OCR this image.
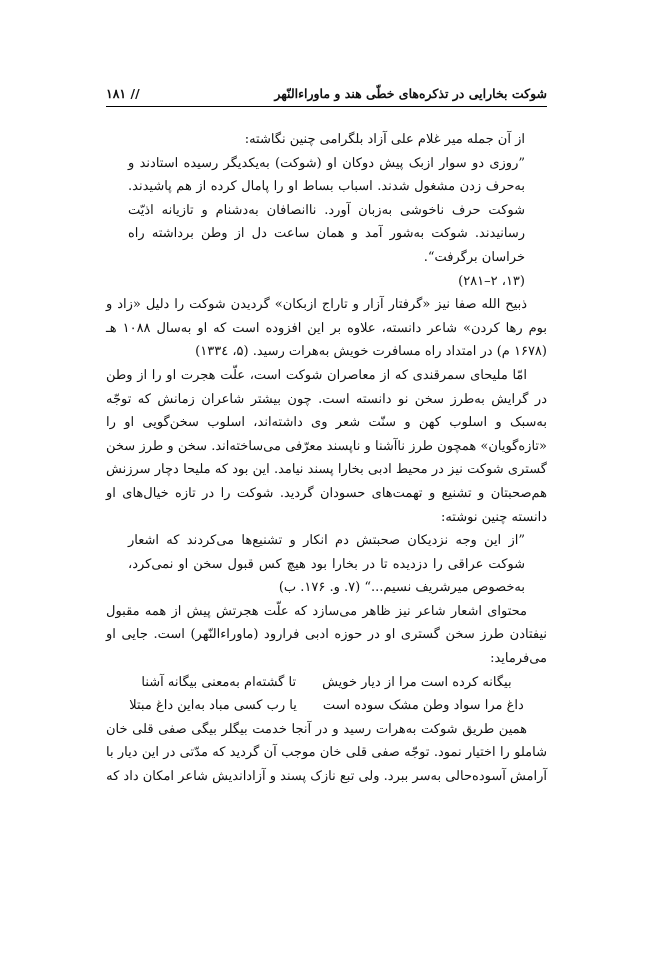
شوکت بخارایی در تذکره‌های خطّی هند و ماوراءالنّهر
// ۱۸۱

از آن جمله میر غلام علی آزاد بلگرامی چنین نگاشته:

”روزی دو سوار ازبک پیش دوکان او (شوکت) به‌یکدیگر رسیده استادند و به‌حرف زدن مشغول شدند. اسباب بساط او را پامال کرده از هم پاشیدند. شوکت حرف ناخوشی به‌زبان آورد. ناانصافان به‌دشنام و تازیانه اذیّت رسانیدند. شوکت به‌شور آمد و همان ساعت دل از وطن برداشته راه خراسان برگرفت“.

(۱۳، ۲–۲۸۱)

ذبیح الله صفا نیز «گرفتار آزار و تاراج ازبکان» گردیدن شوکت را دلیل «زاد و بوم رها کردن» شاعر دانسته، علاوه بر این افزوده است که او به‌سال ۱۰۸۸ هـ (۱۶۷۸ م) در امتداد راه مسافرت خویش به‌هرات رسید. (۵، ۱۳۳٤)

امّا ملیحای سمرقندی که از معاصران شوکت است، علّت هجرت او را از وطن در گرایش به‌طرز سخن نو دانسته است. چون بیشتر شاعران زمانش که توجّه به‌سبک و اسلوب کهن و سنّت شعر وی داشته‌اند، اسلوب سخن‌گویی او را «تازه‌گویان» همچون طرز ناآشنا و ناپسند معرّفی می‌ساخته‌اند. سخن و طرز سخن گستری شوکت نیز در محیط ادبی بخارا پسند نیامد. این بود که ملیحا دچار سرزنش هم‌صحبتان و تشنیع و تهمت‌های حسودان گردید. شوکت را در تازه خیال‌های او دانسته چنین نوشته:

”از این وجه نزدیکان صحبتش دم انکار و تشنیع‌ها می‌کردند که اشعار شوکت عراقی را دزدیده تا در بخارا بود هیچ کس قبول سخن او نمی‌کرد، به‌خصوص میرشریف نسیم...“ (۷. و. ۱۷۶. ب)

محتوای اشعار شاعر نیز ظاهر می‌سازد که علّت هجرتش پیش از همه مقبول نیفتادن طرز سخن گستری او در حوزه ادبی فرارود (ماوراءالنّهر) است. جایی او می‌فرماید:

بیگانه کرده است مرا از دیار خویش
تا گشته‌ام به‌معنی بیگانه آشنا
داغ مرا سواد وطن مشک سوده است
یا رب کسی مباد به‌این داغ مبتلا

همین طریق شوکت به‌هرات رسید و در آنجا خدمت بیگلر بیگی صفی قلی خان شاملو را اختیار نمود. توجّه صفی قلی خان موجب آن گردید که مدّتی در این دیار با آرامش آسوده‌حالی به‌سر ببرد. ولی تبع نازک پسند و آزاداندیش شاعر امکان داد که
